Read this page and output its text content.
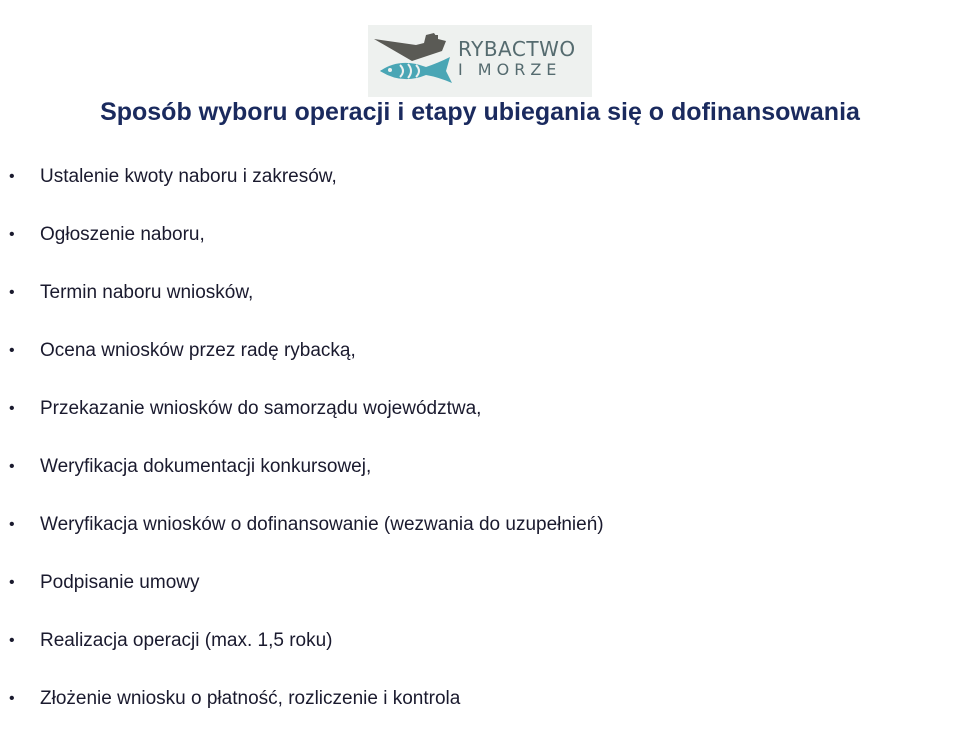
RYBACTWO
I MORZE
Sposób wyboru operacji i etapy ubiegania się o dofinansowania
• Ustalenie kwoty naboru i zakresów,
• Ogłoszenie naboru,
• Termin naboru wniosków,
• Ocena wniosków przez radę rybacką,
• Przekazanie wniosków do samorządu województwa,
• Weryfikacja dokumentacji konkursowej,
• Weryfikacja wniosków o dofinansowanie (wezwania do uzupełnień)
• Podpisanie umowy
• Realizacja operacji (max. 1,5 roku)
• Złożenie wniosku o płatność, rozliczenie i kontrola
